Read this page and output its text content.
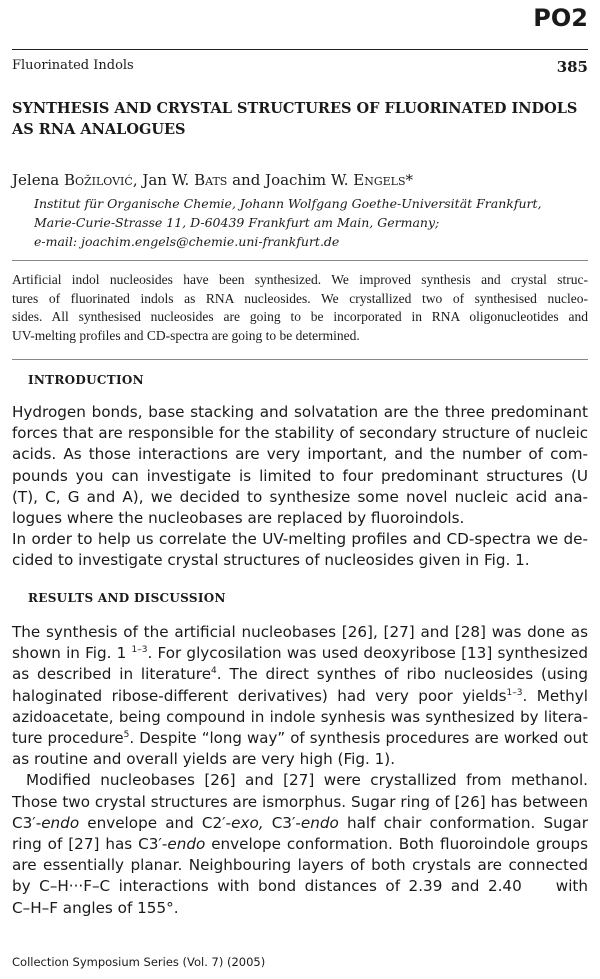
PO2
Fluorinated Indols	385
SYNTHESIS AND CRYSTAL STRUCTURES OF FLUORINATED INDOLS
AS RNA ANALOGUES
Jelena Božilović, Jan W. Bats and Joachim W. Engels*
Institut für Organische Chemie, Johann Wolfgang Goethe-Universität Frankfurt,
Marie-Curie-Strasse 11, D-60439 Frankfurt am Main, Germany;
e-mail: joachim.engels@chemie.uni-frankfurt.de
Artificial indol nucleosides have been synthesized. We improved synthesis and crystal struc-
tures of fluorinated indols as RNA nucleosides. We crystallized two of synthesised nucleo-
sides. All synthesised nucleosides are going to be incorporated in RNA oligonucleotides and
UV-melting profiles and CD-spectra are going to be determined.
INTRODUCTION
Hydrogen bonds, base stacking and solvatation are the three predominant
forces that are responsible for the stability of secondary structure of nucleic
acids. As those interactions are very important, and the number of com-
pounds you can investigate is limited to four predominant structures (U
(T), C, G and A), we decided to synthesize some novel nucleic acid ana-
logues where the nucleobases are replaced by fluoroindols.
In order to help us correlate the UV-melting profiles and CD-spectra we de-
cided to investigate crystal structures of nucleosides given in Fig. 1.
RESULTS AND DISCUSSION
The synthesis of the artificial nucleobases [26], [27] and [28] was done as
shown in Fig. 1 $^{1-3}$. For glycosilation was used deoxyribose [13] synthesized
as described in literature$^4$. The direct synthes of ribo nucleosides (using
haloginated ribose-different derivatives) had very poor yields$^{1-3}$. Methyl
azidoacetate, being compound in indole synhesis was synthesized by litera-
ture procedure$^5$. Despite “long way” of synthesis procedures are worked out
as routine and overall yields are very high (Fig. 1).
Modified nucleobases [26] and [27] were crystallized from methanol.
Those two crystal structures are ismorphus. Sugar ring of [26] has between
C3′-endo envelope and C2′-exo, C3′-endo half chair conformation. Sugar
ring of [27] has C3′-endo envelope conformation. Both fluoroindole groups
are essentially planar. Neighbouring layers of both crystals are connected
by C–H···F–C interactions with bond distances of 2.39 and 2.40    with
C–H–F angles of 155°.
Collection Symposium Series (Vol. 7) (2005)
